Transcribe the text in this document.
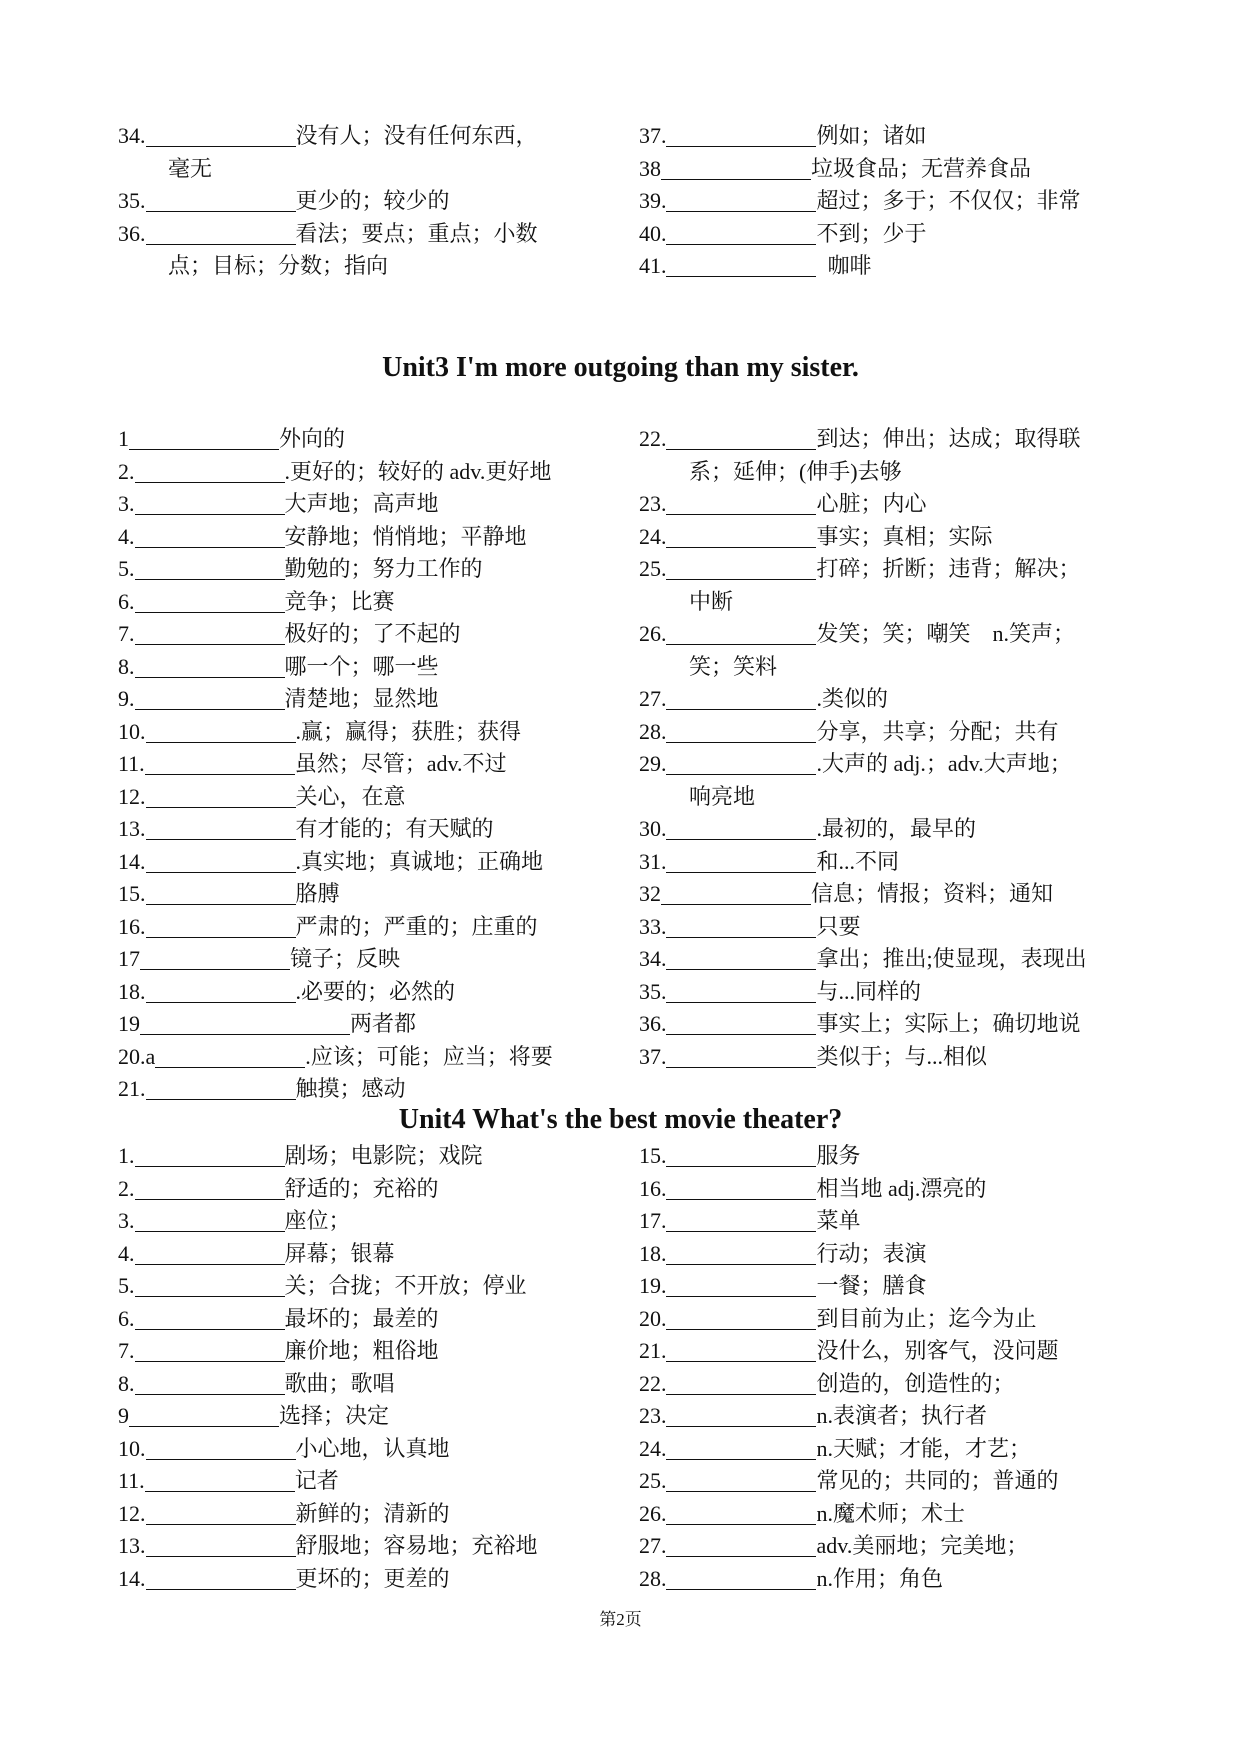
34.	没有人；没有任何东西，
毫无
35.	更少的；较少的
36.	看法；要点；重点；小数
点；目标；分数；指向
37.	例如；诸如
38	垃圾食品；无营养食品
39.	超过；多于；不仅仅；非常
40.	不到；少于
41.	咖啡
Unit3 I'm more outgoing than my sister.
1	外向的
2.	.更好的；较好的 adv.更好地
3.	大声地；高声地
4.	安静地；悄悄地；平静地
5.	勤勉的；努力工作的
6.	竞争；比赛
7.	极好的；了不起的
8.	哪一个；哪一些
9.	清楚地；显然地
10.	.赢；赢得；获胜；获得
11.	虽然；尽管；adv.不过
12.	关心，在意
13.	有才能的；有天赋的
14.	.真实地；真诚地；正确地
15.	胳膊
16.	严肃的；严重的；庄重的
17	镜子；反映
18.	.必要的；必然的
19	两者都
20.a	.应该；可能；应当；将要
21.	触摸；感动
22.	到达；伸出；达成；取得联
系；延伸；(伸手)去够
23.	心脏；内心
24.	事实；真相；实际
25.	打碎；折断；违背；解决；
中断
26.	发笑；笑；嘲笑　n.笑声；
笑；笑料
27.	.类似的
28.	分享，共享；分配；共有
29.	.大声的 adj.；adv.大声地；
响亮地
30.	.最初的，最早的
31.	和...不同
32	信息；情报；资料；通知
33.	只要
34.	拿出；推出;使显现，表现出
35.	与...同样的
36.	事实上；实际上；确切地说
37.	类似于；与...相似
Unit4 What's the best movie theater?
1.	剧场；电影院；戏院
2.	舒适的；充裕的
3.	座位；
4.	屏幕；银幕
5.	关；合拢；不开放；停业
6.	最坏的；最差的
7.	廉价地；粗俗地
8.	歌曲；歌唱
9	选择；决定
10.	小心地，认真地
11.	记者
12.	新鲜的；清新的
13.	舒服地；容易地；充裕地
14.	更坏的；更差的
15.	服务
16.	相当地 adj.漂亮的
17.	菜单
18.	行动；表演
19.	一餐；膳食
20.	到目前为止；迄今为止
21.	没什么，别客气，没问题
22.	创造的，创造性的；
23.	n.表演者；执行者
24.	n.天赋；才能，才艺；
25.	常见的；共同的；普通的
26.	n.魔术师；术士
27.	adv.美丽地；完美地；
28.	n.作用；角色
第2页
